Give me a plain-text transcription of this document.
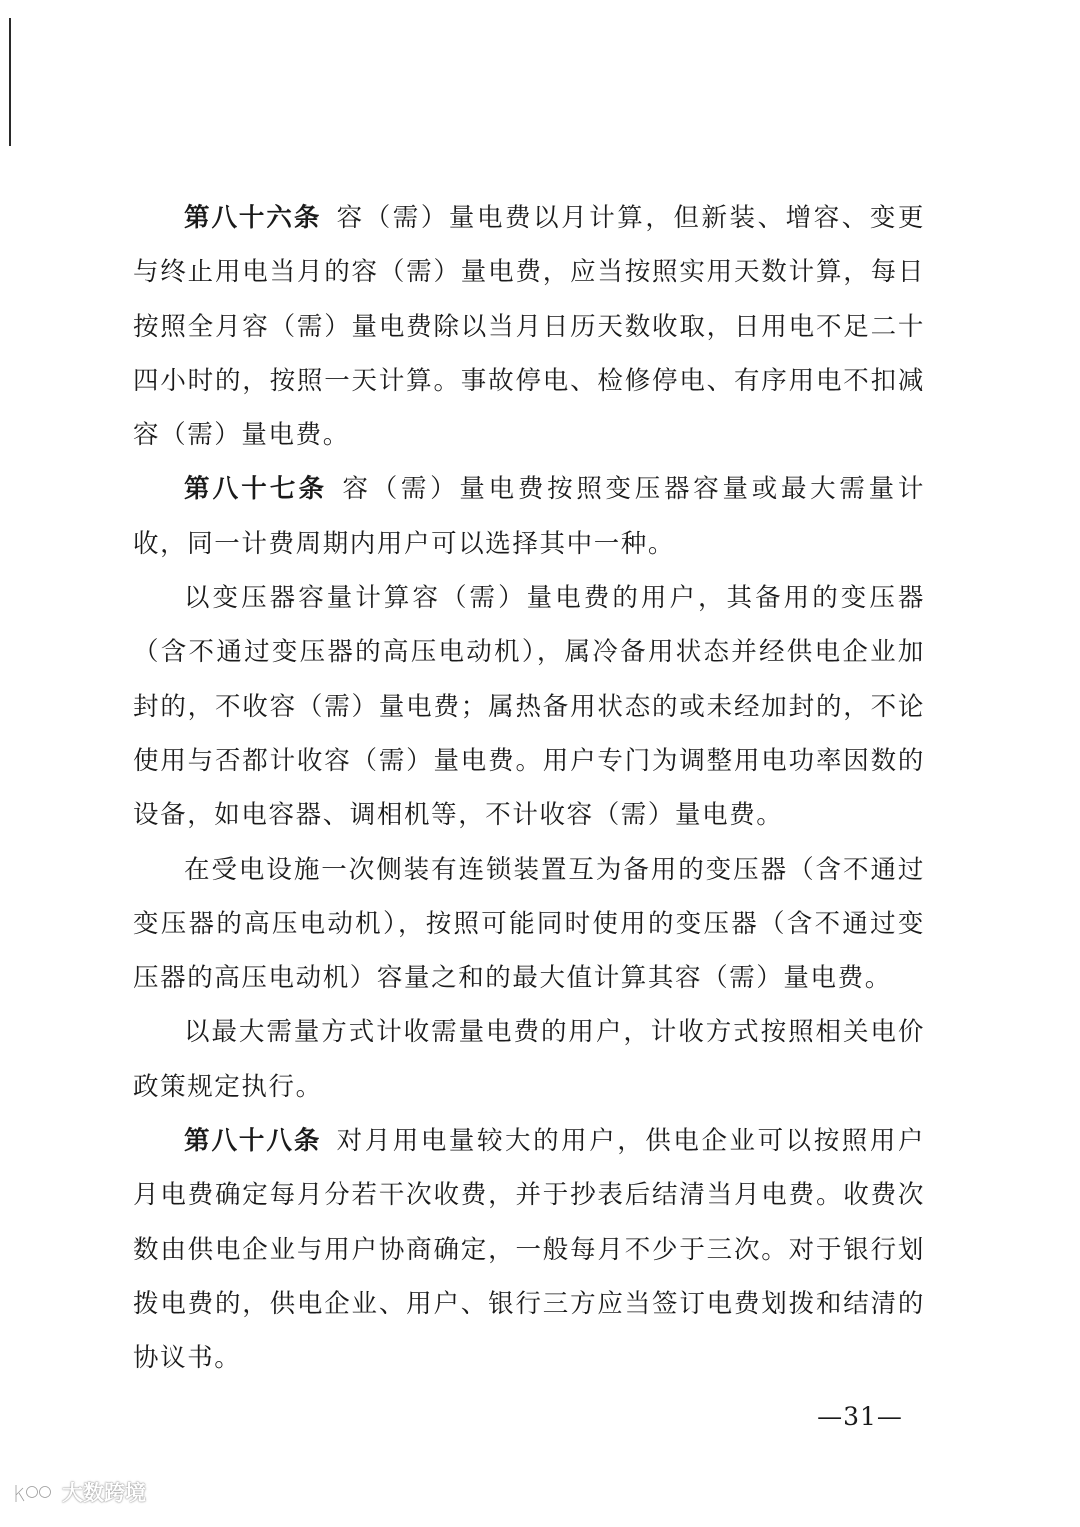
第八十六条 容（需）量电费以月计算，但新装、增容、变更与终止用电当月的容（需）量电费，应当按照实用天数计算，每日按照全月容（需）量电费除以当月日历天数收取，日用电不足二十四小时的，按照一天计算。事故停电、检修停电、有序用电不扣减容（需）量电费。

第八十七条 容（需）量电费按照变压器容量或最大需量计收，同一计费周期内用户可以选择其中一种。

以变压器容量计算容（需）量电费的用户，其备用的变压器（含不通过变压器的高压电动机），属冷备用状态并经供电企业加封的，不收容（需）量电费；属热备用状态的或未经加封的，不论使用与否都计收容（需）量电费。用户专门为调整用电功率因数的设备，如电容器、调相机等，不计收容（需）量电费。

在受电设施一次侧装有连锁装置互为备用的变压器（含不通过变压器的高压电动机），按照可能同时使用的变压器（含不通过变压器的高压电动机）容量之和的最大值计算其容（需）量电费。

以最大需量方式计收需量电费的用户，计收方式按照相关电价政策规定执行。

第八十八条 对月用电量较大的用户，供电企业可以按照用户月电费确定每月分若干次收费，并于抄表后结清当月电费。收费次数由供电企业与用户协商确定，一般每月不少于三次。对于银行划拨电费的，供电企业、用户、银行三方应当签订电费划拨和结清的协议书。

—31—
大数跨境
